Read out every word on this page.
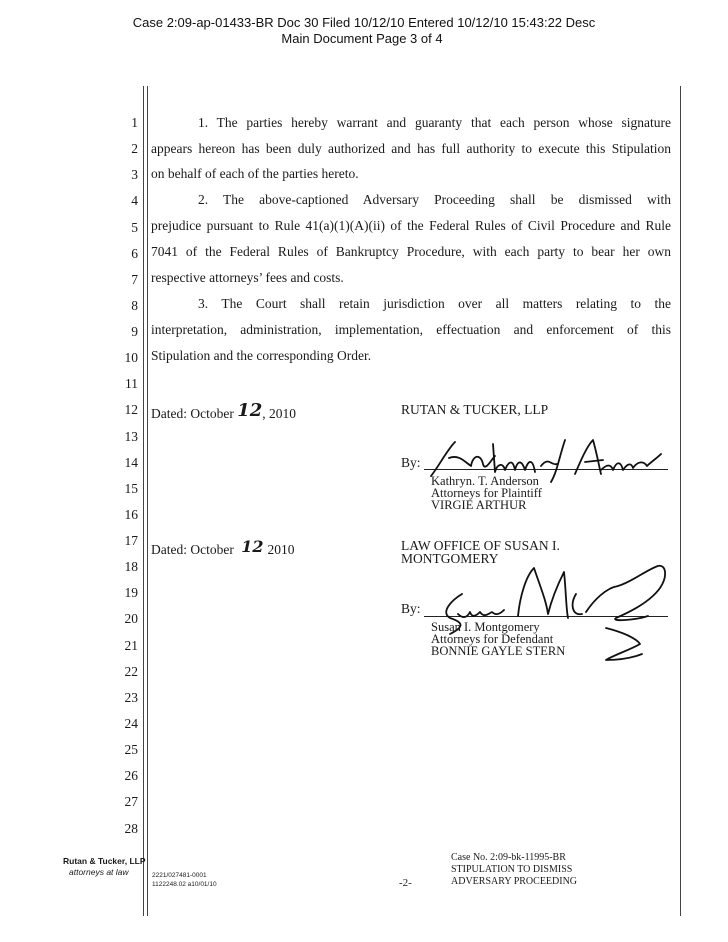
Case 2:09-ap-01433-BR Doc 30 Filed 10/12/10 Entered 10/12/10 15:43:22 Desc
Main Document Page 3 of 4
1
2
3
4
5
6
7
8
9
10
11
12
13
14
15
16
17
18
19
20
21
22
23
24
25
26
27
28
1. The parties hereby warrant and guaranty that each person whose signature
appears hereon has been duly authorized and has full authority to execute this Stipulation
on behalf of each of the parties hereto.
2. The above-captioned Adversary Proceeding shall be dismissed with
prejudice pursuant to Rule 41(a)(1)(A)(ii) of the Federal Rules of Civil Procedure and Rule
7041 of the Federal Rules of Bankruptcy Procedure, with each party to bear her own
respective attorneys’ fees and costs.
3. The Court shall retain jurisdiction over all matters relating to the
interpretation, administration, implementation, effectuation and enforcement of this
Stipulation and the corresponding Order.
Dated: October 12, 2010	RUTAN & TUCKER, LLP
By:
Kathryn. T. Anderson
Attorneys for Plaintiff
VIRGIE ARTHUR
Dated: October 12 2010	LAW OFFICE OF SUSAN I.
MONTGOMERY
By:
Susan I. Montgomery
Attorneys for Defendant
BONNIE GAYLE STERN
Rutan & Tucker, LLP
attorneys at law	2221/027481-0001
1122248.02 a10/01/10	-2-
Case No. 2:09-bk-11995-BR
STIPULATION TO DISMISS
ADVERSARY PROCEEDING
